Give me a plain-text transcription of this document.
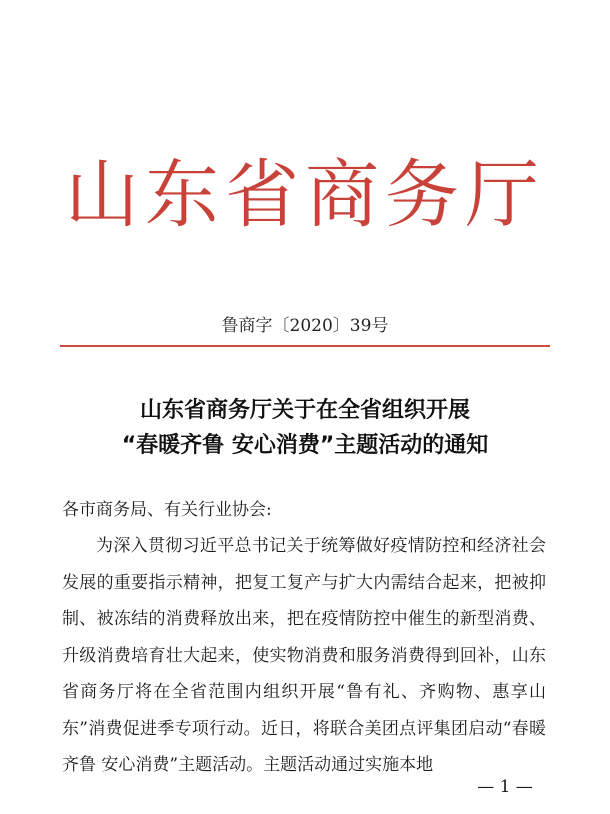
山东省商务厅
鲁商字〔2020〕39号
山东省商务厅关于在全省组织开展
“春暖齐鲁 安心消费”主题活动的通知
各市商务局、有关行业协会:

为深入贯彻习近平总书记关于统筹做好疫情防控和经济社会发展的重要指示精神，把复工复产与扩大内需结合起来，把被抑制、被冻结的消费释放出来，把在疫情防控中催生的新型消费、升级消费培育壮大起来，使实物消费和服务消费得到回补，山东省商务厅将在全省范围内组织开展“鲁有礼、齐购物、惠享山东”消费促进季专项行动。近日，将联合美团点评集团启动“春暖齐鲁 安心消费”主题活动。主题活动通过实施本地

— 1 —
